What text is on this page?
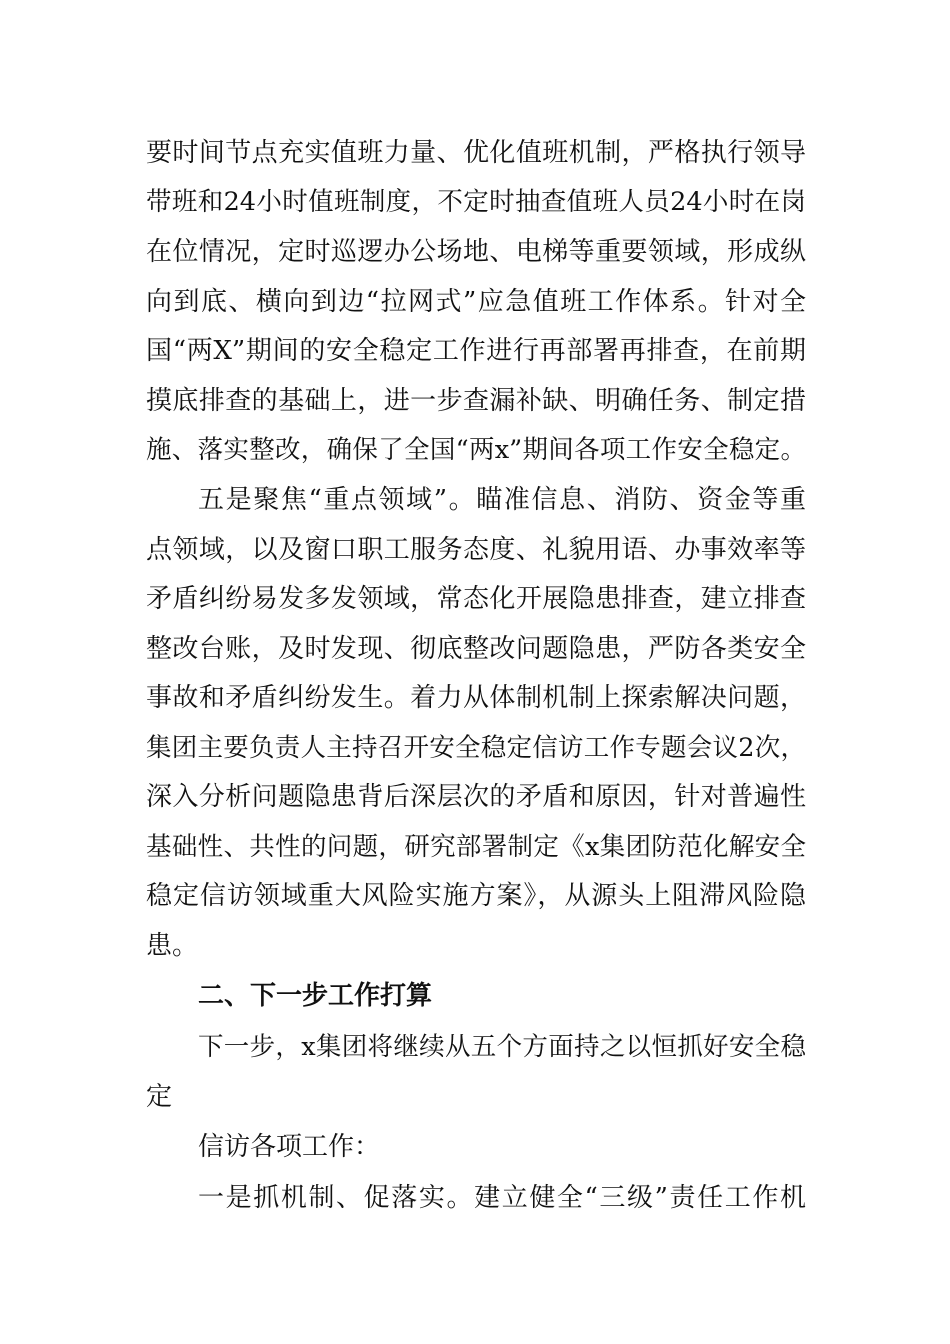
要时间节点充实值班力量、优化值班机制，严格执行领导
带班和24小时值班制度，不定时抽查值班人员24小时在岗
在位情况，定时巡逻办公场地、电梯等重要领域，形成纵
向到底、横向到边“拉网式”应急值班工作体系。针对全
国“两X”期间的安全稳定工作进行再部署再排查，在前期
摸底排查的基础上，进一步查漏补缺、明确任务、制定措
施、落实整改，确保了全国“两x”期间各项工作安全稳定。
五是聚焦“重点领域”。瞄准信息、消防、资金等重
点领域，以及窗口职工服务态度、礼貌用语、办事效率等
矛盾纠纷易发多发领域，常态化开展隐患排查，建立排查
整改台账，及时发现、彻底整改问题隐患，严防各类安全
事故和矛盾纠纷发生。着力从体制机制上探索解决问题，
集团主要负责人主持召开安全稳定信访工作专题会议2次，
深入分析问题隐患背后深层次的矛盾和原因，针对普遍性
基础性、共性的问题，研究部署制定《x集团防范化解安全
稳定信访领域重大风险实施方案》，从源头上阻滞风险隐
患。
二、下一步工作打算
下一步，x集团将继续从五个方面持之以恒抓好安全稳
定
信访各项工作：
一是抓机制、促落实。建立健全“三级”责任工作机
